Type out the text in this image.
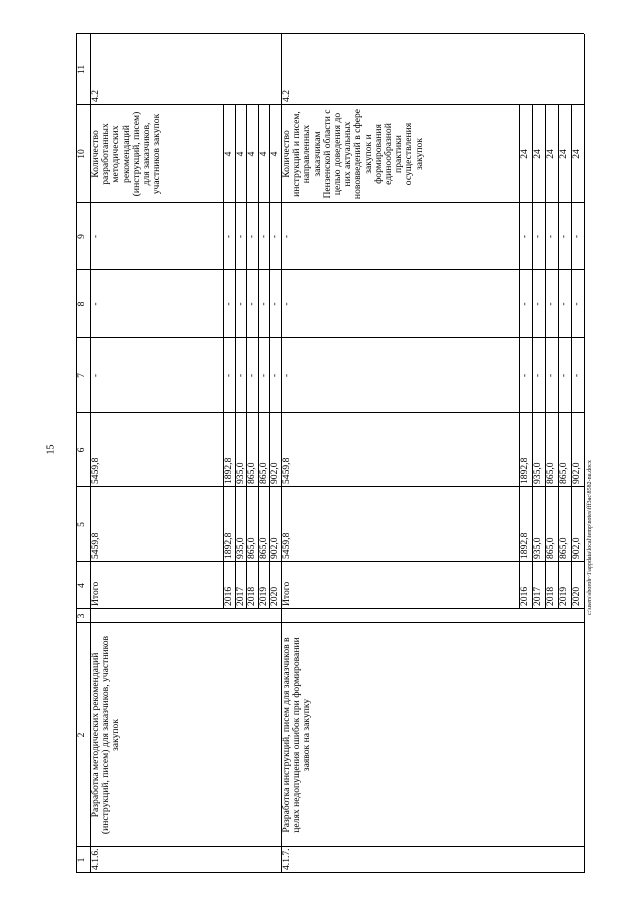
15
1
2
3
4
5
6
7
8
9
10
11
4.1.6.
Разработка методических рекомендаций (инструкций, писем) для заказчиков, участников закупок
Итого
5459,8
5459,8
-
-
-
Количество разработанных методических рекомендаций (инструкций, писем) для заказчиков, участников закупок
4.2
2016
1892,8
1892,8
-
-
-
4
2017
935,0
935,0
-
-
-
4
2018
865,0
865,0
-
-
-
4
2019
865,0
865,0
-
-
-
4
2020
902,0
902,0
-
-
-
4
4.1.7.
Разработка инструкций, писем для заказчиков в целях недопущения ошибок при формировании заявок на закупку
Итого
5459,8
5459,8
-
-
-
Количество инструкций и писем, направленных заказчикам Пензенской области с целью доведения до них актуальных нововведений в сфере закупок и формирования единообразной практики осуществления закупок
4.2
2016
1892,8
1892,8
-
-
-
24
2017
935,0
935,0
-
-
-
24
2018
865,0
865,0
-
-
-
24
2019
865,0
865,0
-
-
-
24
2020
902,0
902,0
-
-
-
24
c:\users\sboroh~1\appdata\local\temp\notes\fff3ac\8582-nu.docx
